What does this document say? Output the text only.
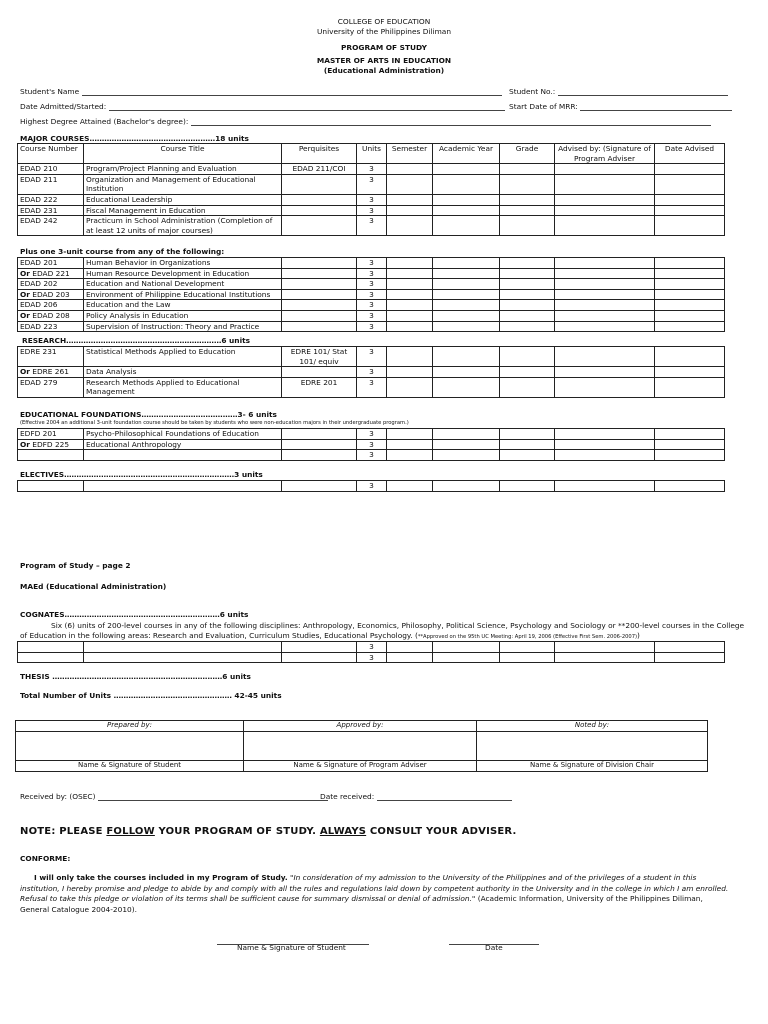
COLLEGE OF EDUCATION
University of the Philippines Diliman
PROGRAM OF STUDY
MASTER OF ARTS IN EDUCATION
(Educational Administration)
Student's Name	Student No.:
Date Admitted/Started:	Start Date of MRR:
Highest Degree Attained (Bachelor's degree):
MAJOR COURSES……………………………………………18 units
Course Number	Course Title	Perquisites	Units	Semester	Academic Year	Grade	Advised by: (Signature of Program Adviser	Date Advised
EDAD 210	Program/Project Planning and Evaluation	EDAD 211/COI	3					
EDAD 211	Organization and Management of Educational Institution		3					
EDAD 222	Educational Leadership		3					
EDAD 231	Fiscal Management in Education		3					
EDAD 242	Practicum in School Administration (Completion of at least 12 units of major courses)		3					
Plus one 3-unit course from any of the following:
EDAD 201	Human Behavior in Organizations		3					
Or EDAD 221	Human Resource Development in Education		3					
EDAD 202	Education and National Development		3					
Or EDAD 203	Environment of Philippine Educational Institutions		3					
EDAD 206	Education and the Law		3					
Or EDAD 208	Policy Analysis in Education		3					
EDAD 223	Supervision of Instruction: Theory and Practice		3					
RESEARCH………………………………………………………6 units
EDRE 231	Statistical Methods Applied to Education	EDRE 101/ Stat 101/ equiv	3					
Or EDRE 261	Data Analysis		3					
EDAD 279	Research Methods Applied to Educational Management	EDRE 201	3					
EDUCATIONAL FOUNDATIONS…………………………………3- 6 units
(Effective 2004 an additional 3-unit foundation course should be taken by students who were non-education majors in their undergraduate program.)
EDFD 201	Psycho-Philosophical Foundations of Education		3					
Or EDFD 225	Educational Anthropology		3					
			3					
ELECTIVES……………………………………………………………3 units
			3					
Program of Study – page 2
MAEd (Educational Administration)
COGNATES………………………………………………………6 units
Six (6) units of 200-level courses in any of the following disciplines: Anthropology, Economics, Philosophy, Political Science, Psychology and Sociology or **200-level courses in the College
of Education in the following areas: Research and Evaluation, Curriculum Studies, Educational Psychology. (**Approved on the 95th UC Meeting: April 19, 2006 (Effective First Sem. 2006-2007))
			3					
			3					
THESIS ……………………………………………………………6 units
Total Number of Units ………………………………………… 42-45 units
Prepared by:	Approved by:	Noted by:

Name & Signature of Student	Name & Signature of Program Adviser	Name & Signature of Division Chair
Received by: (OSEC)	Date received:
NOTE: PLEASE FOLLOW YOUR PROGRAM OF STUDY. ALWAYS CONSULT YOUR ADVISER.
CONFORME:
I will only take the courses included in my Program of Study. "In consideration of my admission to the University of the Philippines and of the privileges of a student in this institution, I hereby promise and pledge to abide by and comply with all the rules and regulations laid down by competent authority in the University and in the college in which I am enrolled. Refusal to take this pledge or violation of its terms shall be sufficient cause for summary dismissal or denial of admission." (Academic Information, University of the Philippines Diliman, General Catalogue 2004-2010).
Name & Signature of Student	Date
